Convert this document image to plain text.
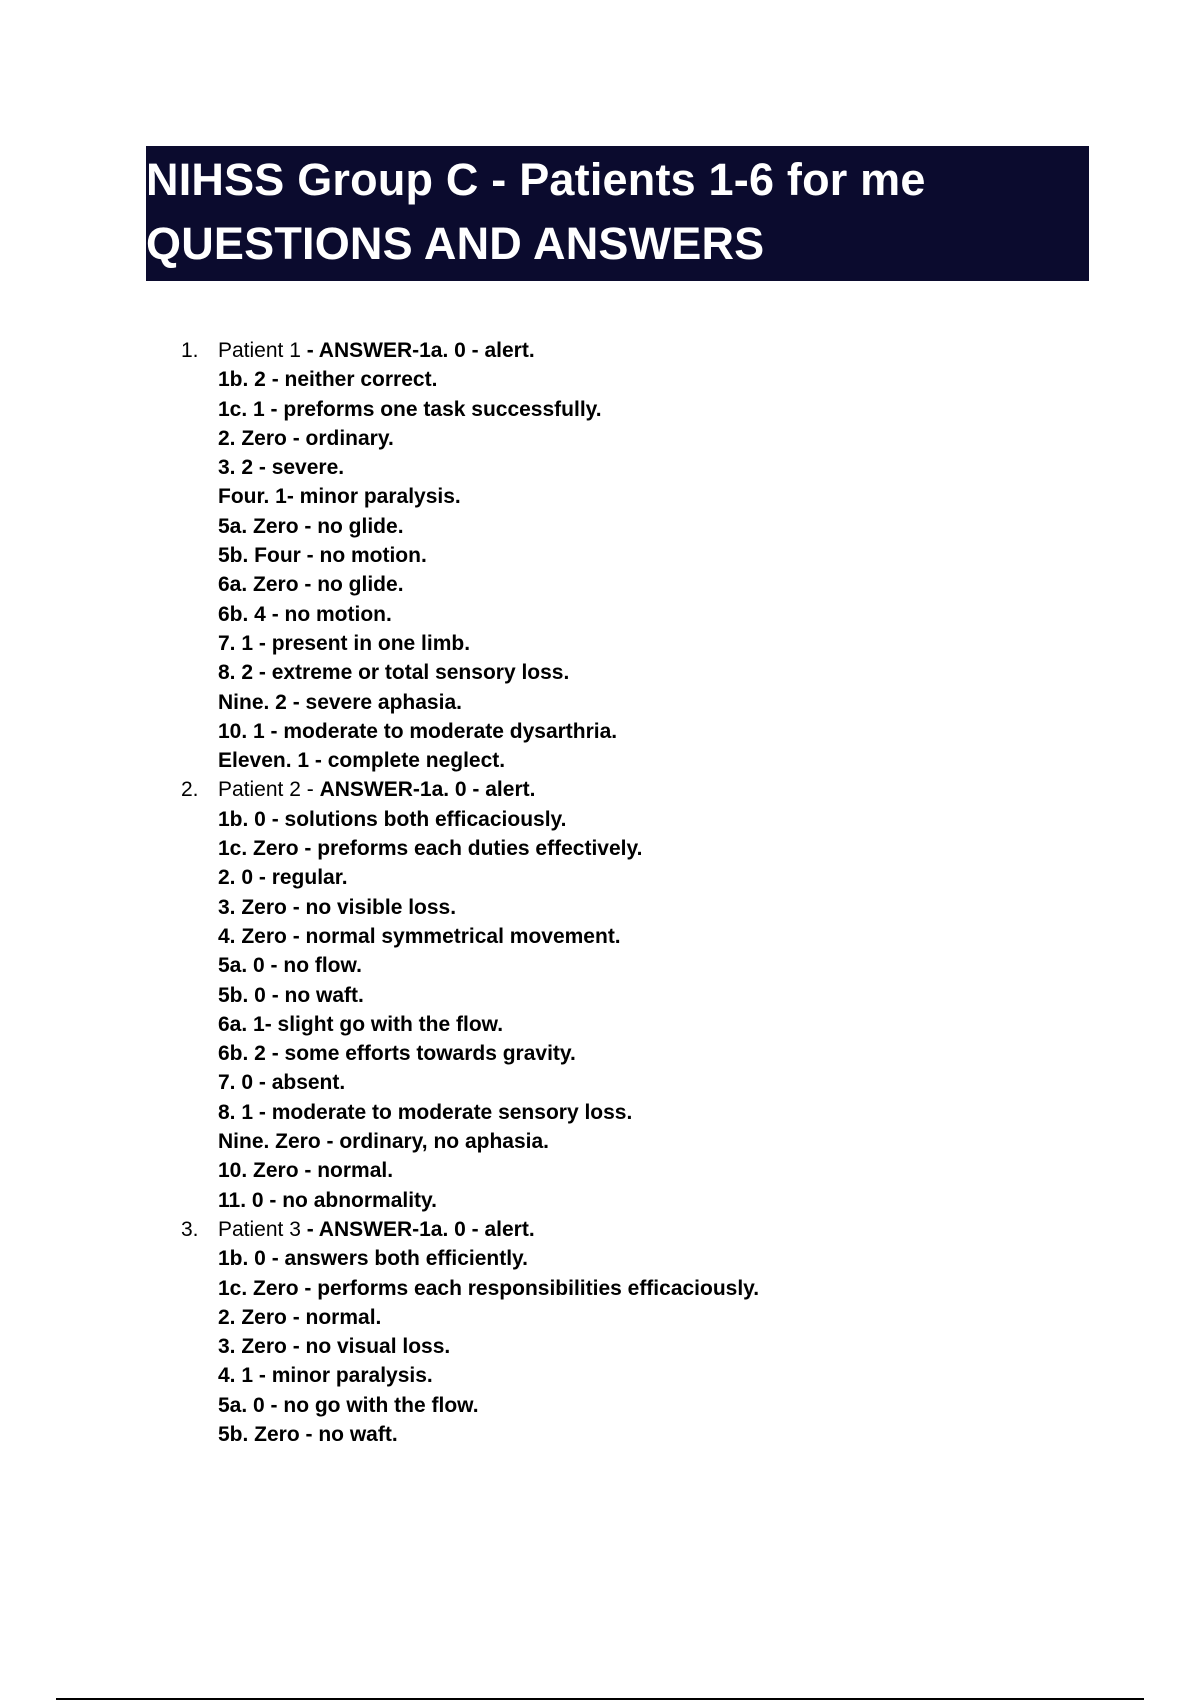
NIHSS Group C - Patients 1-6 for me
QUESTIONS AND ANSWERS
1. Patient 1 - ANSWER-1a. 0 - alert.
1b. 2 - neither correct.
1c. 1 - preforms one task successfully.
2. Zero - ordinary.
3. 2 - severe.
Four. 1- minor paralysis.
5a. Zero - no glide.
5b. Four - no motion.
6a. Zero - no glide.
6b. 4 - no motion.
7. 1 - present in one limb.
8. 2 - extreme or total sensory loss.
Nine. 2 - severe aphasia.
10. 1 - moderate to moderate dysarthria.
Eleven. 1 - complete neglect.
2. Patient 2 - ANSWER-1a. 0 - alert.
1b. 0 - solutions both efficaciously.
1c. Zero - preforms each duties effectively.
2. 0 - regular.
3. Zero - no visible loss.
4. Zero - normal symmetrical movement.
5a. 0 - no flow.
5b. 0 - no waft.
6a. 1- slight go with the flow.
6b. 2 - some efforts towards gravity.
7. 0 - absent.
8. 1 - moderate to moderate sensory loss.
Nine. Zero - ordinary, no aphasia.
10. Zero - normal.
11. 0 - no abnormality.
3. Patient 3 - ANSWER-1a. 0 - alert.
1b. 0 - answers both efficiently.
1c. Zero - performs each responsibilities efficaciously.
2. Zero - normal.
3. Zero - no visual loss.
4. 1 - minor paralysis.
5a. 0 - no go with the flow.
5b. Zero - no waft.
